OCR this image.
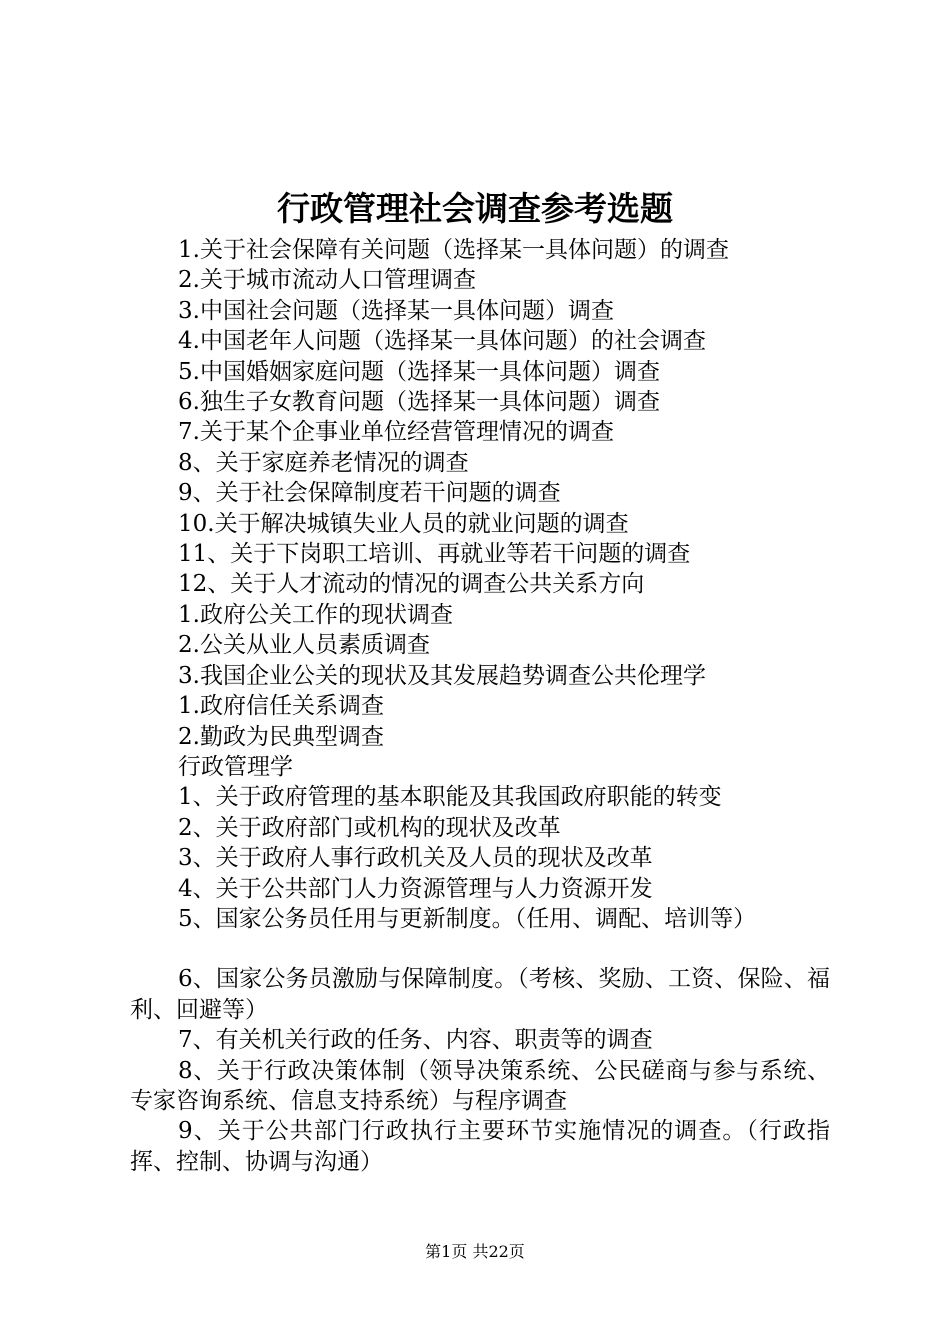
行政管理社会调查参考选题
1.关于社会保障有关问题（选择某一具体问题）的调查
2.关于城市流动人口管理调查
3.中国社会问题（选择某一具体问题）调查
4.中国老年人问题（选择某一具体问题）的社会调查
5.中国婚姻家庭问题（选择某一具体问题）调查
6.独生子女教育问题（选择某一具体问题）调查
7.关于某个企事业单位经营管理情况的调查
8、关于家庭养老情况的调查
9、关于社会保障制度若干问题的调查
10.关于解决城镇失业人员的就业问题的调查
11、关于下岗职工培训、再就业等若干问题的调查
12、关于人才流动的情况的调查公共关系方向
1.政府公关工作的现状调查
2.公关从业人员素质调查
3.我国企业公关的现状及其发展趋势调查公共伦理学
1.政府信任关系调查
2.勤政为民典型调查
行政管理学
1、关于政府管理的基本职能及其我国政府职能的转变
2、关于政府部门或机构的现状及改革
3、关于政府人事行政机关及人员的现状及改革
4、关于公共部门人力资源管理与人力资源开发
5、国家公务员任用与更新制度。（任用、调配、培训等）
6、国家公务员激励与保障制度。（考核、奖励、工资、保险、福利、回避等）
7、有关机关行政的任务、内容、职责等的调查
8、关于行政决策体制（领导决策系统、公民磋商与参与系统、专家咨询系统、信息支持系统）与程序调查
9、关于公共部门行政执行主要环节实施情况的调查。（行政指挥、控制、协调与沟通）
第1页 共22页
